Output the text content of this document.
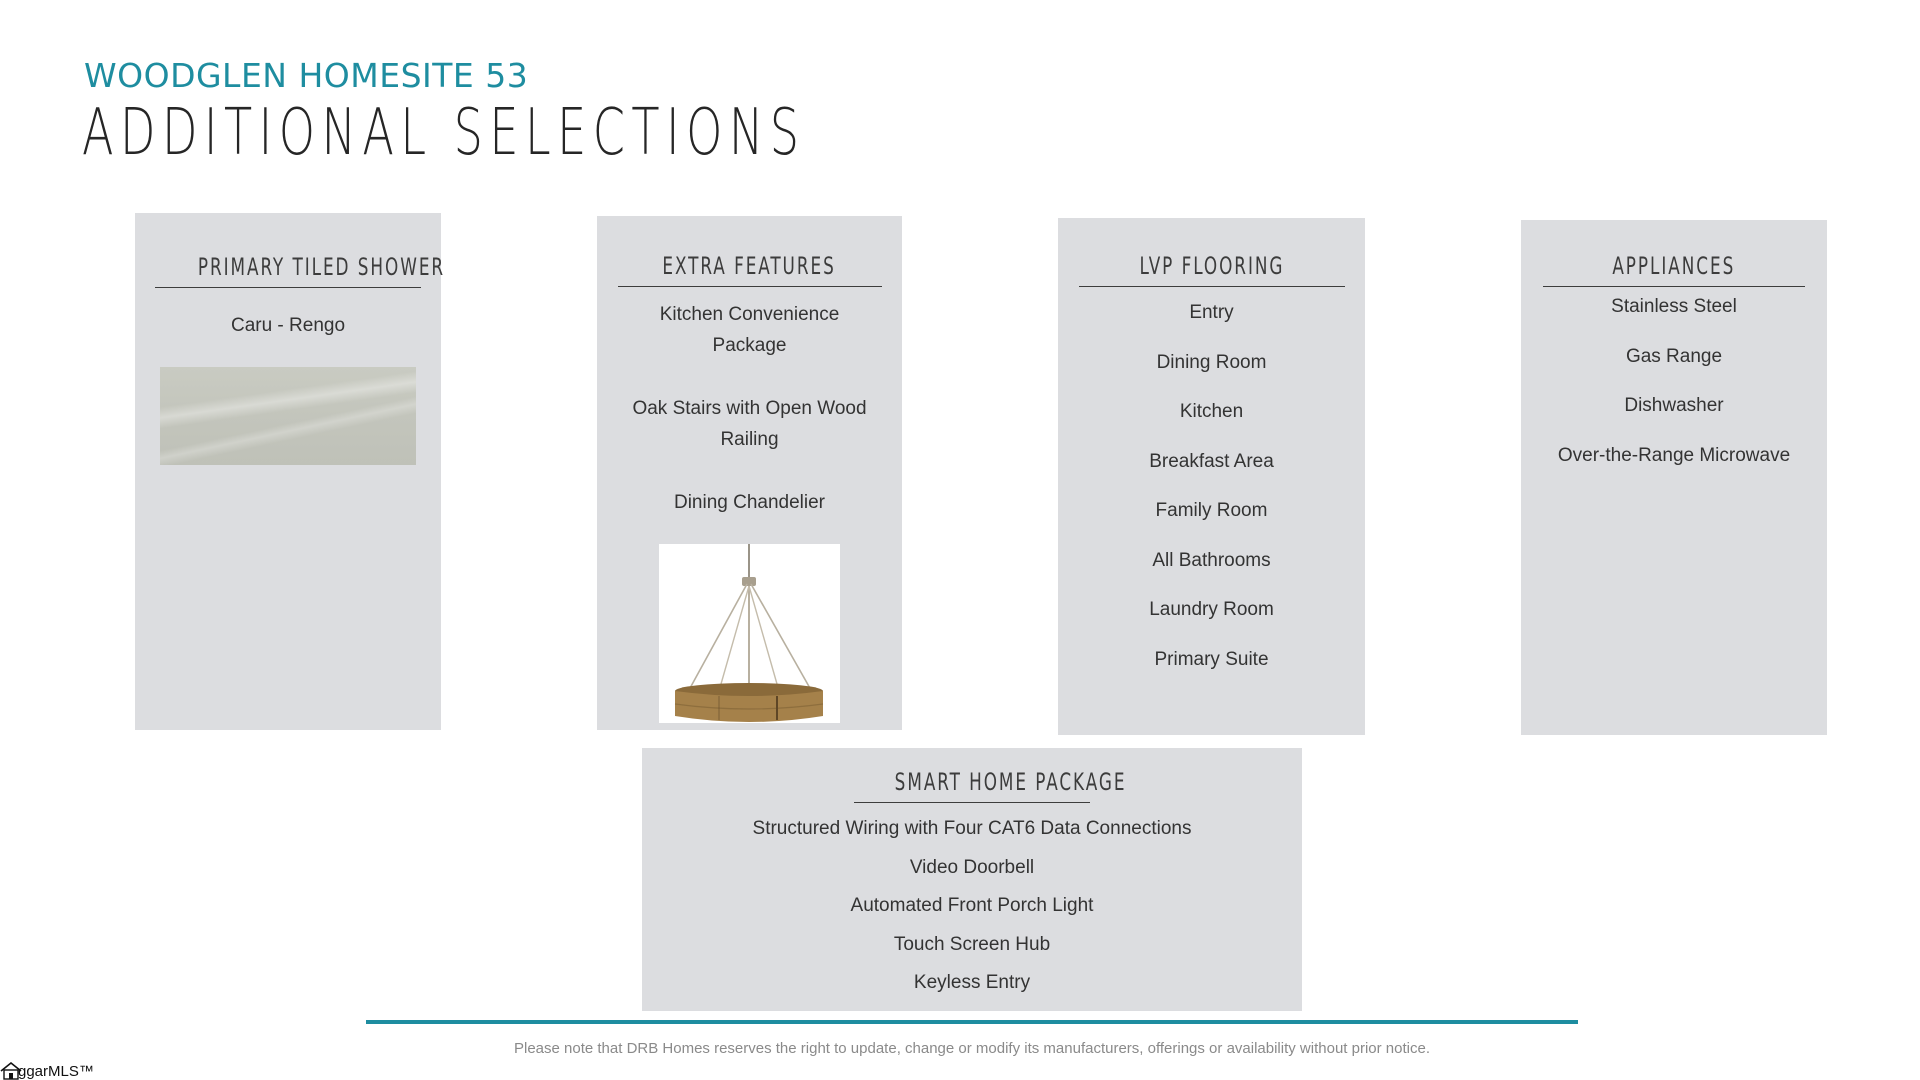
WOODGLEN HOMESITE 53
ADDITIONAL SELECTIONS
PRIMARY TILED SHOWER
Caru - Rengo
EXTRA FEATURES
Kitchen Convenience Package
Oak Stairs with Open Wood Railing
Dining Chandelier
LVP FLOORING
Entry
Dining Room
Kitchen
Breakfast Area
Family Room
All Bathrooms
Laundry Room
Primary Suite
APPLIANCES
Stainless Steel
Gas Range
Dishwasher
Over-the-Range Microwave
SMART HOME PACKAGE
Structured Wiring with Four CAT6 Data Connections
Video Doorbell
Automated Front Porch Light
Touch Screen Hub
Keyless Entry
Please note that DRB Homes reserves the right to update, change or modify its manufacturers, offerings or availability without prior notice.
ggarMLS™
